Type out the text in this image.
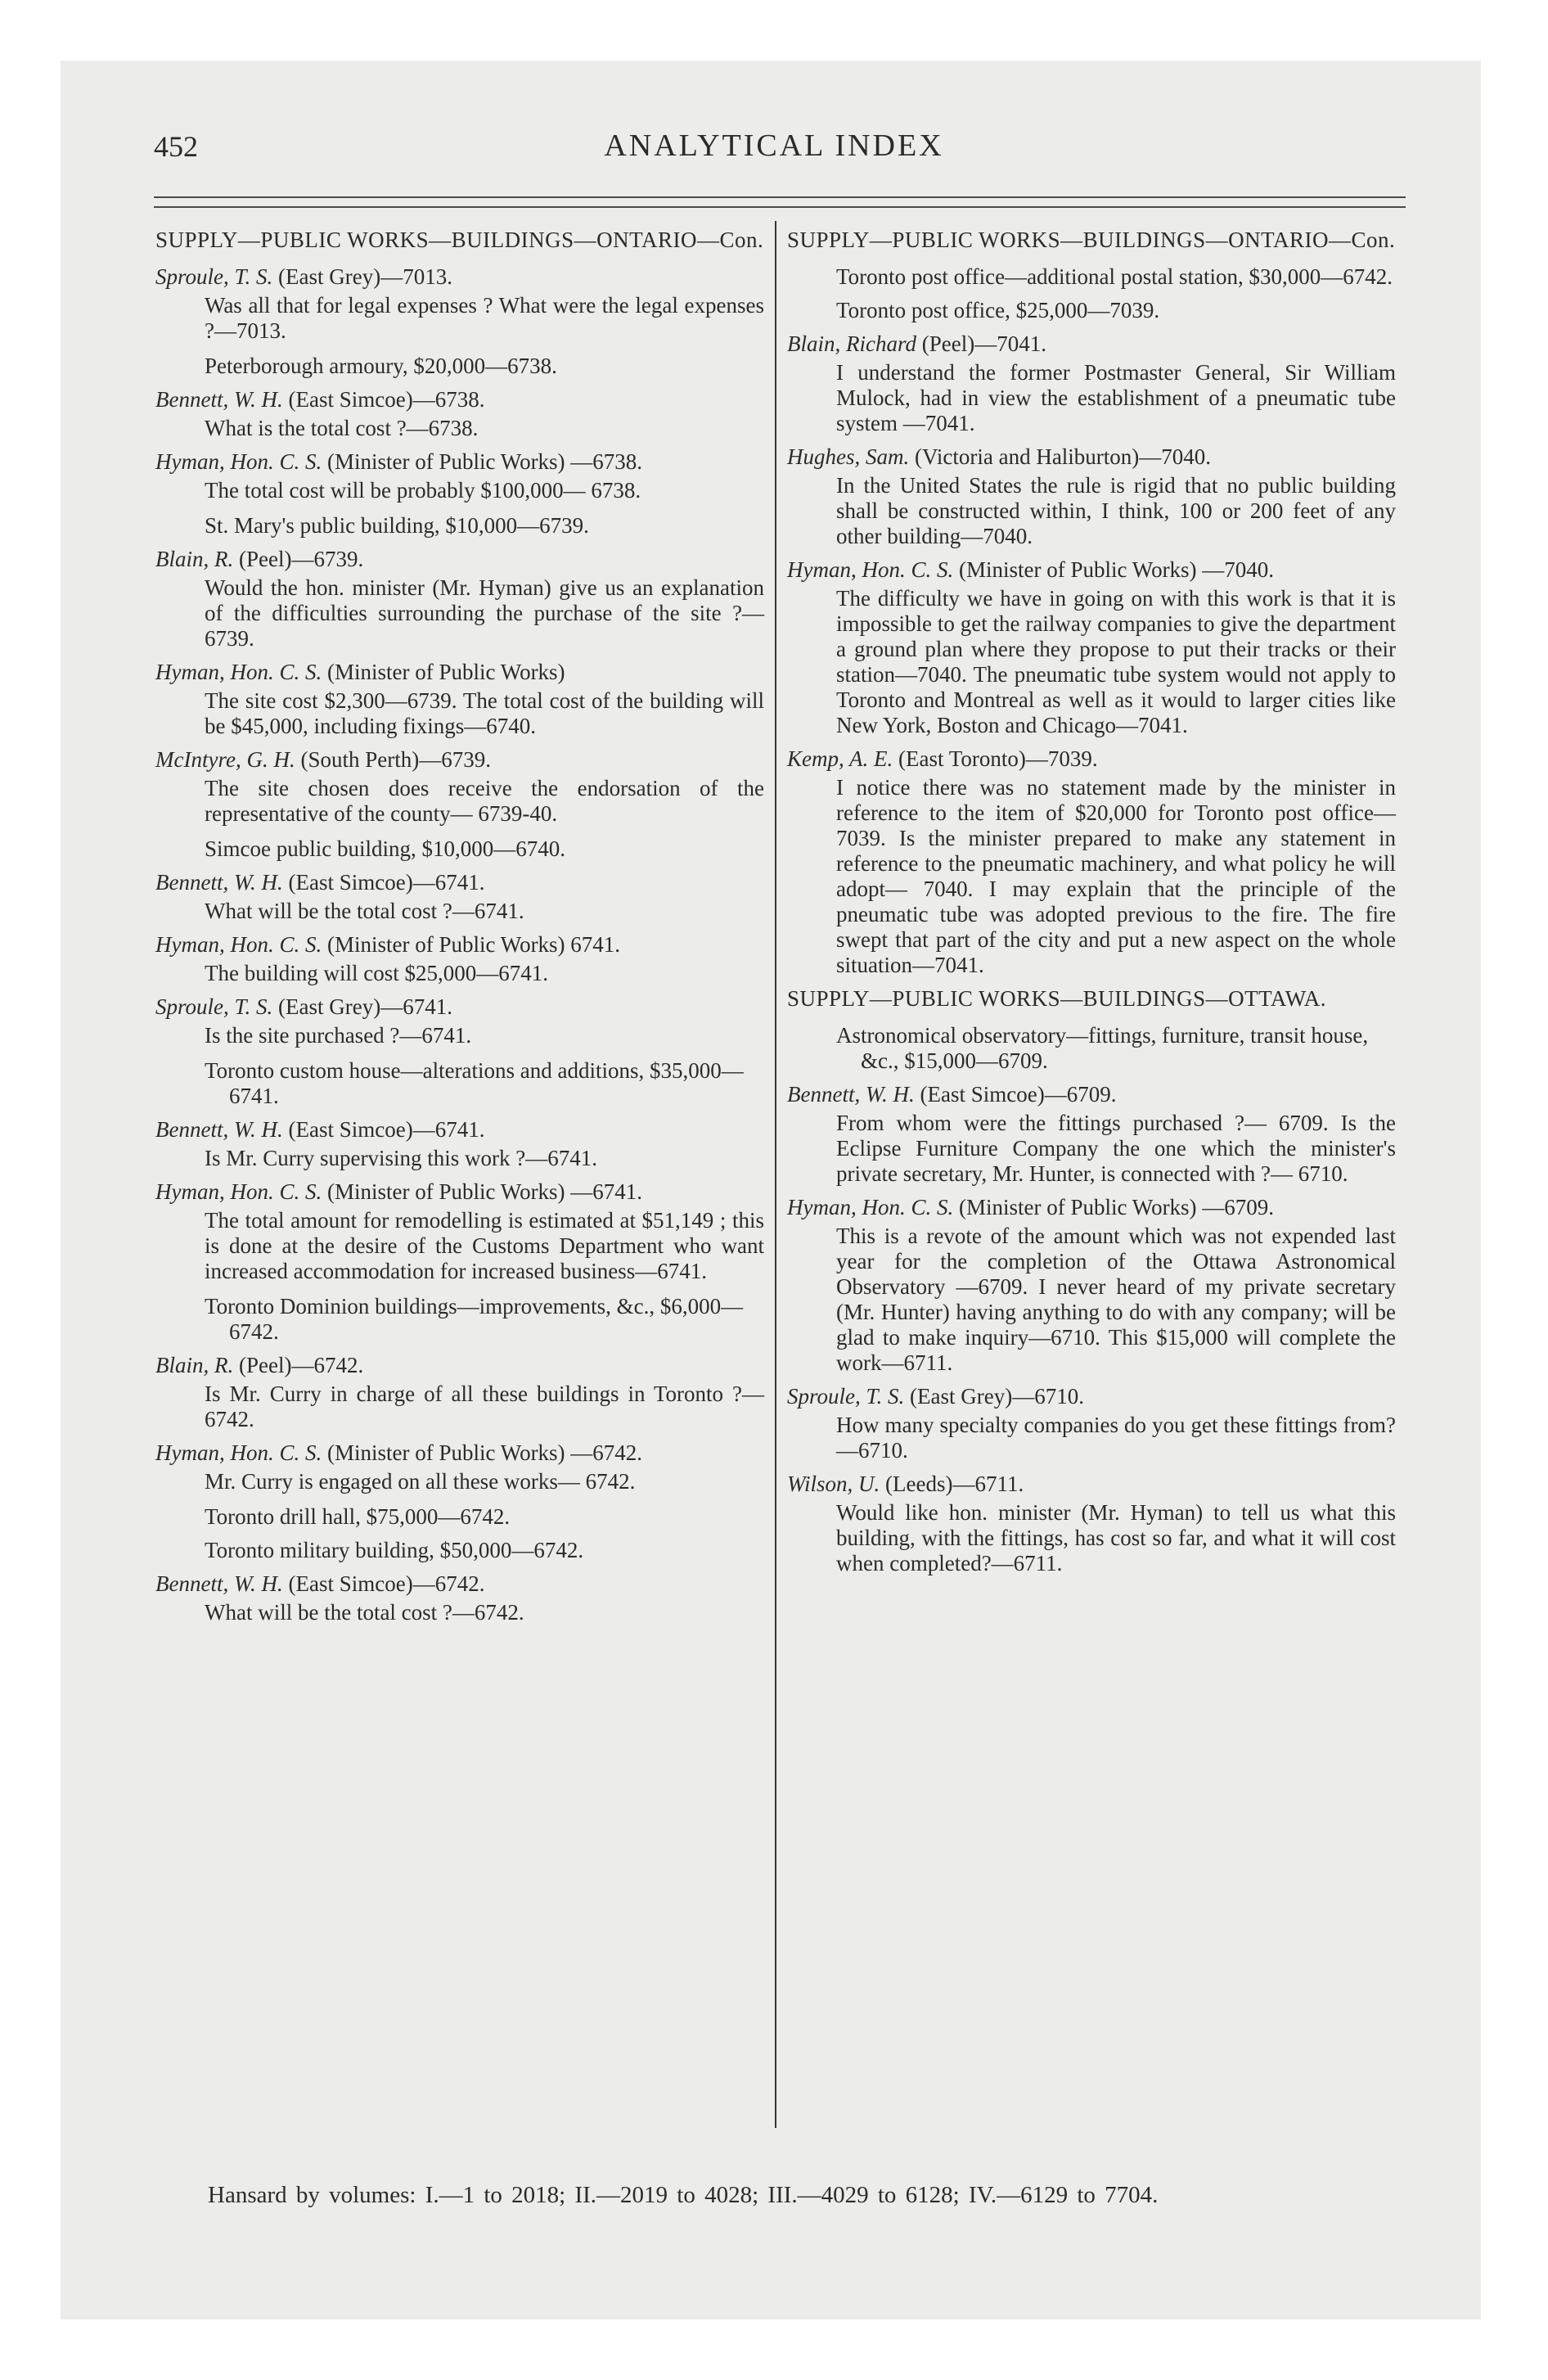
452	ANALYTICAL INDEX
SUPPLY—PUBLIC WORKS—BUILDINGS—ONTARIO—Con.
Sproule, T. S. (East Grey)—7013.
Was all that for legal expenses ? What were the legal expenses ?—7013.
Peterborough armoury, $20,000—6738.
Bennett, W. H. (East Simcoe)—6738.
What is the total cost ?—6738.
Hyman, Hon. C. S. (Minister of Public Works) —6738.
The total cost will be probably $100,000— 6738.
St. Mary's public building, $10,000—6739.
Blain, R. (Peel)—6739.
Would the hon. minister (Mr. Hyman) give us an explanation of the difficulties surrounding the purchase of the site ?—6739.
Hyman, Hon. C. S. (Minister of Public Works)
The site cost $2,300—6739. The total cost of the building will be $45,000, including fixings—6740.
McIntyre, G. H. (South Perth)—6739.
The site chosen does receive the endorsation of the representative of the county— 6739-40.
Simcoe public building, $10,000—6740.
Bennett, W. H. (East Simcoe)—6741.
What will be the total cost ?—6741.
Hyman, Hon. C. S. (Minister of Public Works) 6741.
The building will cost $25,000—6741.
Sproule, T. S. (East Grey)—6741.
Is the site purchased ?—6741.
Toronto custom house—alterations and additions, $35,000—6741.
Bennett, W. H. (East Simcoe)—6741.
Is Mr. Curry supervising this work ?—6741.
Hyman, Hon. C. S. (Minister of Public Works) —6741.
The total amount for remodelling is estimated at $51,149 ; this is done at the desire of the Customs Department who want increased accommodation for increased business—6741.
Toronto Dominion buildings—improvements, &c., $6,000—6742.
Blain, R. (Peel)—6742.
Is Mr. Curry in charge of all these buildings in Toronto ?—6742.
Hyman, Hon. C. S. (Minister of Public Works) —6742.
Mr. Curry is engaged on all these works— 6742.
Toronto drill hall, $75,000—6742.
Toronto military building, $50,000—6742.
Bennett, W. H. (East Simcoe)—6742.
What will be the total cost ?—6742.
SUPPLY—PUBLIC WORKS—BUILDINGS—ONTARIO—Con.
Toronto post office—additional postal station, $30,000—6742.
Toronto post office, $25,000—7039.
Blain, Richard (Peel)—7041.
I understand the former Postmaster General, Sir William Mulock, had in view the establishment of a pneumatic tube system —7041.
Hughes, Sam. (Victoria and Haliburton)—7040.
In the United States the rule is rigid that no public building shall be constructed within, I think, 100 or 200 feet of any other building—7040.
Hyman, Hon. C. S. (Minister of Public Works) —7040.
The difficulty we have in going on with this work is that it is impossible to get the railway companies to give the department a ground plan where they propose to put their tracks or their station—7040. The pneumatic tube system would not apply to Toronto and Montreal as well as it would to larger cities like New York, Boston and Chicago—7041.
Kemp, A. E. (East Toronto)—7039.
I notice there was no statement made by the minister in reference to the item of $20,000 for Toronto post office—7039. Is the minister prepared to make any statement in reference to the pneumatic machinery, and what policy he will adopt— 7040. I may explain that the principle of the pneumatic tube was adopted previous to the fire. The fire swept that part of the city and put a new aspect on the whole situation—7041.
SUPPLY—PUBLIC WORKS—BUILDINGS—OTTAWA.
Astronomical observatory—fittings, furniture, transit house, &c., $15,000—6709.
Bennett, W. H. (East Simcoe)—6709.
From whom were the fittings purchased ?— 6709. Is the Eclipse Furniture Company the one which the minister's private secretary, Mr. Hunter, is connected with ?— 6710.
Hyman, Hon. C. S. (Minister of Public Works) —6709.
This is a revote of the amount which was not expended last year for the completion of the Ottawa Astronomical Observatory —6709. I never heard of my private secretary (Mr. Hunter) having anything to do with any company; will be glad to make inquiry—6710. This $15,000 will complete the work—6711.
Sproule, T. S. (East Grey)—6710.
How many specialty companies do you get these fittings from?—6710.
Wilson, U. (Leeds)—6711.
Would like hon. minister (Mr. Hyman) to tell us what this building, with the fittings, has cost so far, and what it will cost when completed?—6711.
Hansard by volumes: I.—1 to 2018; II.—2019 to 4028; III.—4029 to 6128; IV.—6129 to 7704.
